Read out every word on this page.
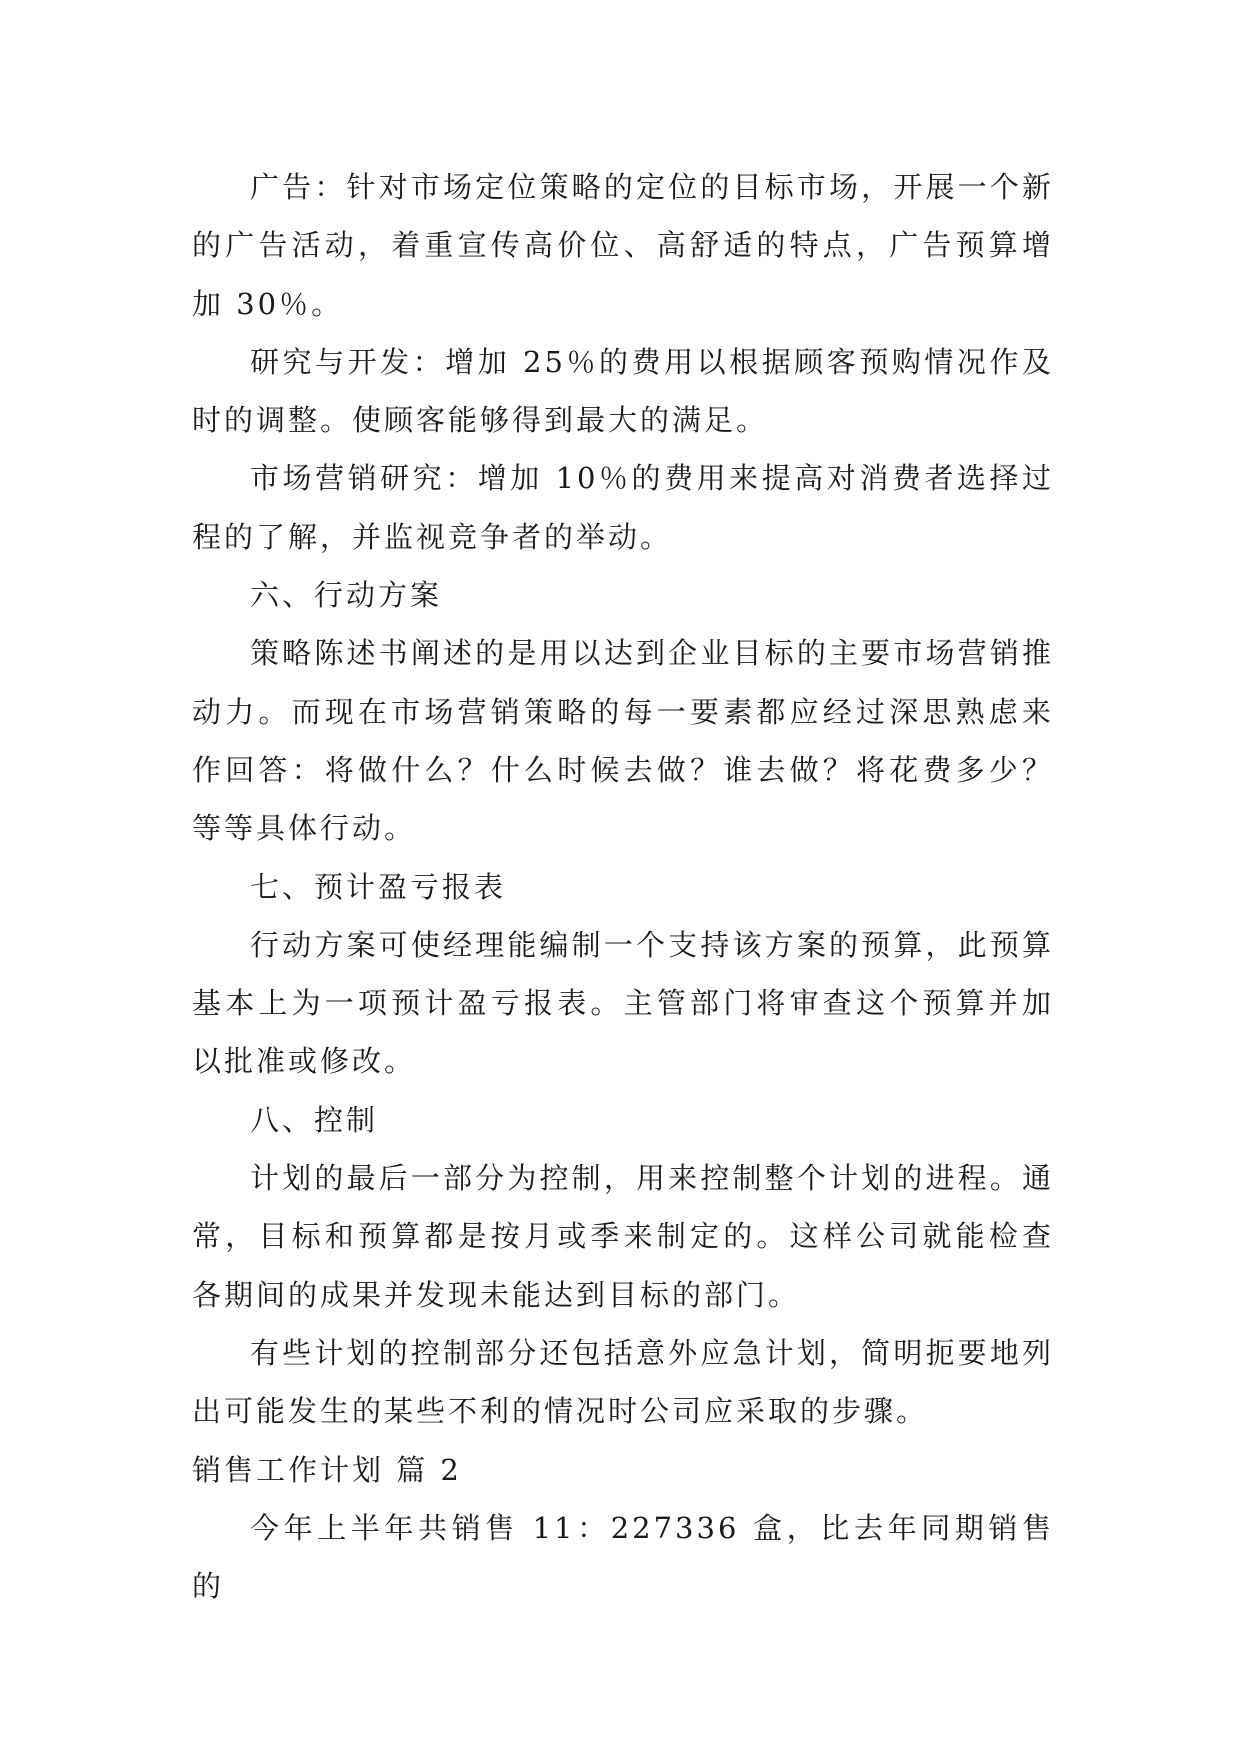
广告：针对市场定位策略的定位的目标市场，开展一个新的广告活动，着重宣传高价位、高舒适的特点，广告预算增加 30％。

研究与开发：增加 25％的费用以根据顾客预购情况作及时的调整。使顾客能够得到最大的满足。

市场营销研究：增加 10％的费用来提高对消费者选择过程的了解，并监视竞争者的举动。

六、行动方案

策略陈述书阐述的是用以达到企业目标的主要市场营销推动力。而现在市场营销策略的每一要素都应经过深思熟虑来作回答：将做什么？什么时候去做？谁去做？将花费多少？等等具体行动。

七、预计盈亏报表

行动方案可使经理能编制一个支持该方案的预算，此预算基本上为一项预计盈亏报表。主管部门将审查这个预算并加以批准或修改。

八、控制

计划的最后一部分为控制，用来控制整个计划的进程。通常，目标和预算都是按月或季来制定的。这样公司就能检查各期间的成果并发现未能达到目标的部门。

有些计划的控制部分还包括意外应急计划，简明扼要地列出可能发生的某些不利的情况时公司应采取的步骤。

销售工作计划 篇 2

今年上半年共销售 11：227336 盒，比去年同期销售的
